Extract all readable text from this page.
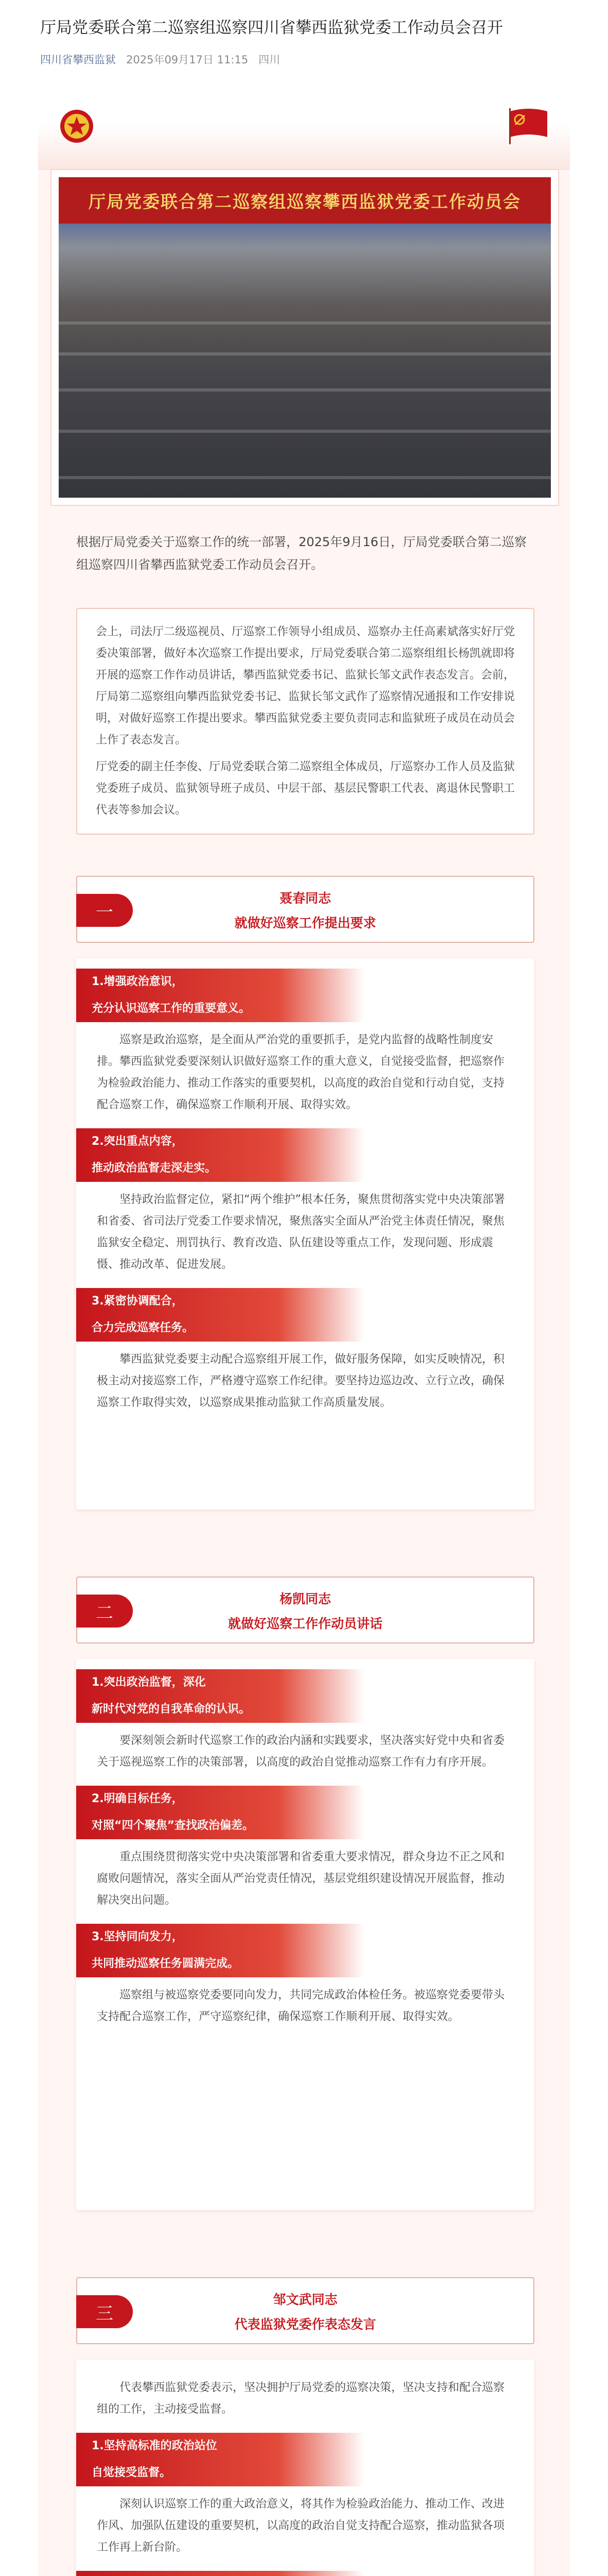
厅局党委联合第二巡察组巡察四川省攀西监狱党委工作动员会召开
四川省攀西监狱 2025年09月17日 11:15 四川
厅局党委联合第二巡察组巡察攀西监狱党委工作动员会

根据厅局党委关于巡察工作的统一部署，2025年9月16日，厅局党委联合第二巡察组巡察四川省攀西监狱党委工作动员会召开。

会上，司法厅二级巡视员、厅巡察工作领导小组成员、巡察办主任高素斌落实好厅党委决策部署，做好本次巡察工作提出要求，厅局党委联合第二巡察组组长杨凯就即将开展的巡察工作作动员讲话，攀西监狱党委书记、监狱长邹文武作表态发言。会前，厅局第二巡察组向攀西监狱党委书记、监狱长邹文武作了巡察情况通报和工作安排说明，对做好巡察工作提出要求。攀西监狱党委主要负责同志和监狱班子成员在动员会上作了表态发言。

厅党委的副主任李俊、厅局党委联合第二巡察组全体成员，厅巡察办工作人员及监狱党委班子成员、监狱领导班子成员、中层干部、基层民警职工代表、离退休民警职工代表等参加会议。

一
聂春同志
就做好巡察工作提出要求
1.增强政治意识，
充分认识巡察工作的重要意义。

巡察是政治巡察，是全面从严治党的重要抓手，是党内监督的战略性制度安排。攀西监狱党委要深刻认识做好巡察工作的重大意义，自觉接受监督，把巡察作为检验政治能力、推动工作落实的重要契机，以高度的政治自觉和行动自觉，支持配合巡察工作，确保巡察工作顺利开展、取得实效。

2.突出重点内容，
推动政治监督走深走实。

坚持政治监督定位，紧扣“两个维护”根本任务，聚焦贯彻落实党中央决策部署和省委、省司法厅党委工作要求情况，聚焦落实全面从严治党主体责任情况，聚焦监狱安全稳定、刑罚执行、教育改造、队伍建设等重点工作，发现问题、形成震慑、推动改革、促进发展。

3.紧密协调配合，
合力完成巡察任务。

攀西监狱党委要主动配合巡察组开展工作，做好服务保障，如实反映情况，积极主动对接巡察工作，严格遵守巡察工作纪律。要坚持边巡边改、立行立改，确保巡察工作取得实效，以巡察成果推动监狱工作高质量发展。

二
杨凯同志
就做好巡察工作作动员讲话
1.突出政治监督，深化
新时代对党的自我革命的认识。

要深刻领会新时代巡察工作的政治内涵和实践要求，坚决落实好党中央和省委关于巡视巡察工作的决策部署，以高度的政治自觉推动巡察工作有力有序开展。

2.明确目标任务，
对照“四个聚焦”查找政治偏差。

重点围绕贯彻落实党中央决策部署和省委重大要求情况，群众身边不正之风和腐败问题情况，落实全面从严治党责任情况，基层党组织建设情况开展监督，推动解决突出问题。

3.坚持同向发力，
共同推动巡察任务圆满完成。

巡察组与被巡察党委要同向发力，共同完成政治体检任务。被巡察党委要带头支持配合巡察工作，严守巡察纪律，确保巡察工作顺利开展、取得实效。

三
邹文武同志
代表监狱党委作表态发言

代表攀西监狱党委表示，坚决拥护厅局党委的巡察决策，坚决支持和配合巡察组的工作，主动接受监督。

1.坚持高标准的政治站位
自觉接受监督。

深刻认识巡察工作的重大政治意义，将其作为检验政治能力、推动工作、改进作风、加强队伍建设的重要契机，以高度的政治自觉支持配合巡察，推动监狱各项工作再上新台阶。
